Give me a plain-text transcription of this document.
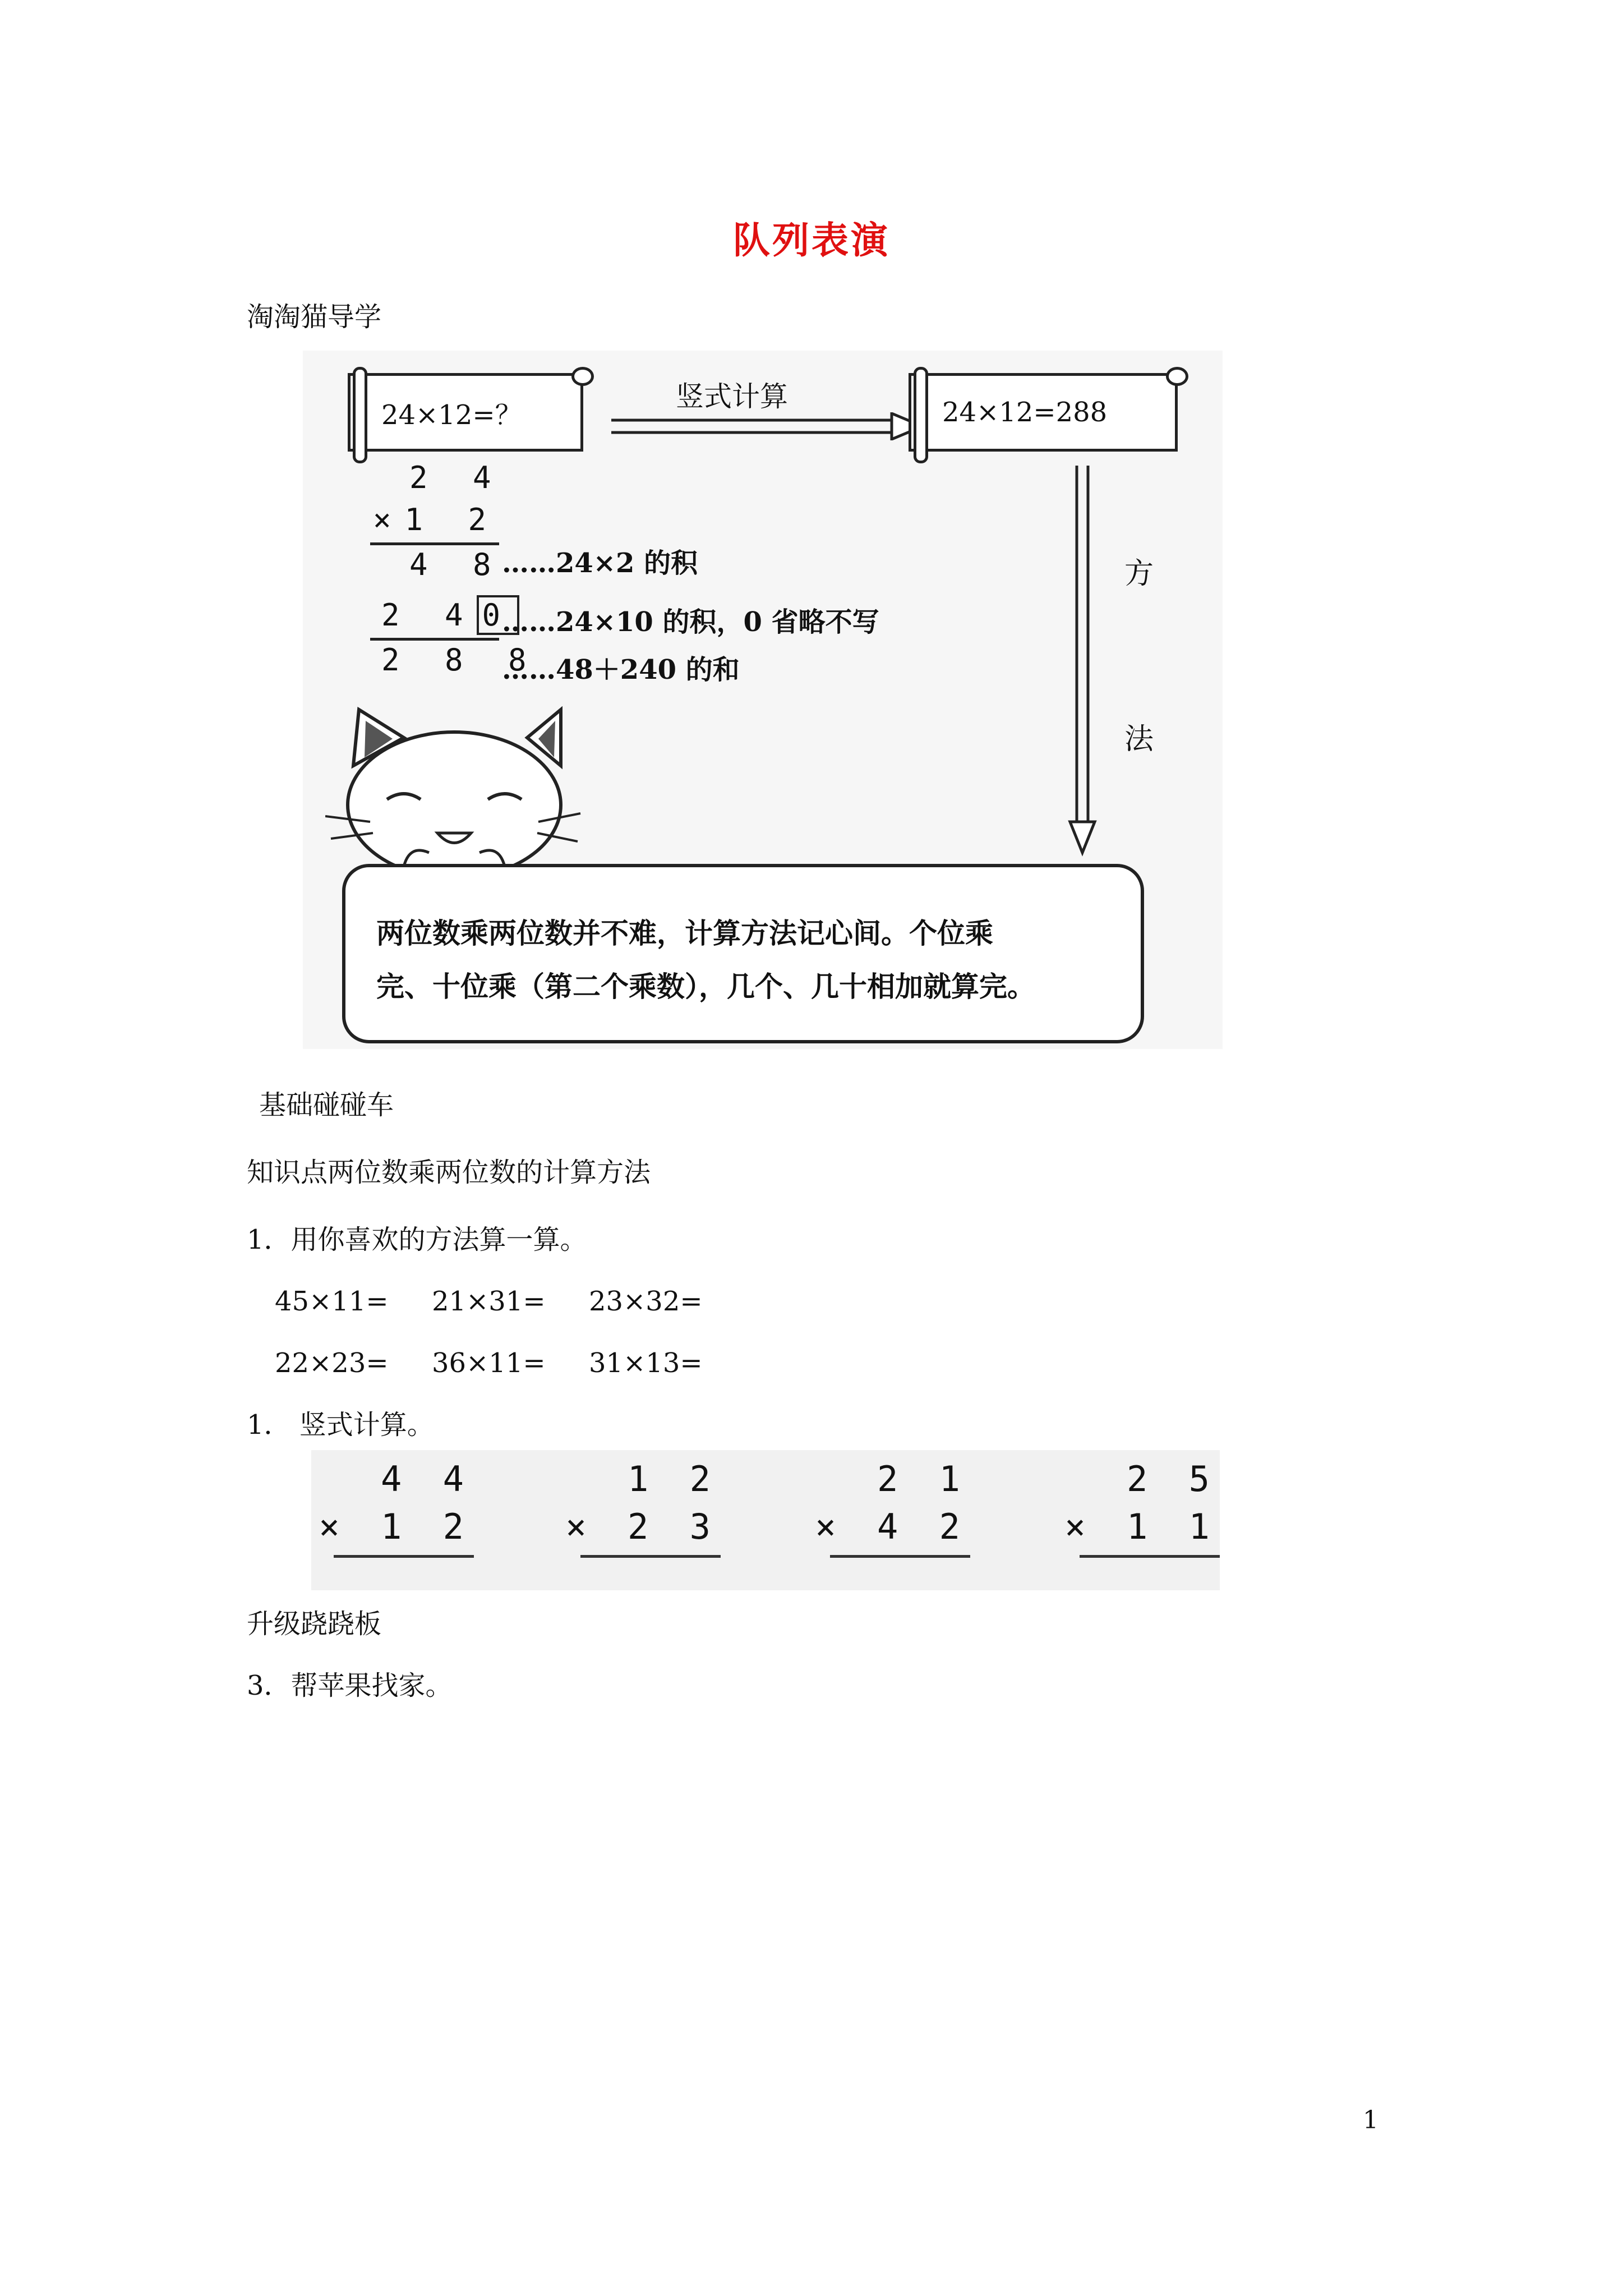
队列表演
淘淘猫导学
24×12=？
竖式计算	24×12=288
2 4
×1 2
4 8
2 4 0
2 8 8
……24×2 的积
……24×10 的积，0 省略不写
……48＋240 的和
方
法
两位数乘两位数并不难，计算方法记心间。个位乘
完、十位乘（第二个乘数），几个、几十相加就算完。
基础碰碰车
知识点两位数乘两位数的计算方法
1．用你喜欢的方法算一算。
45×11= 21×31= 23×32=
22×23= 36×11= 31×13=
1． 竖式计算。
4 4
× 1 2
1 2
× 2 3
2 1
× 4 2
2 5
× 1 1
升级跷跷板
3．帮苹果找家。
1
